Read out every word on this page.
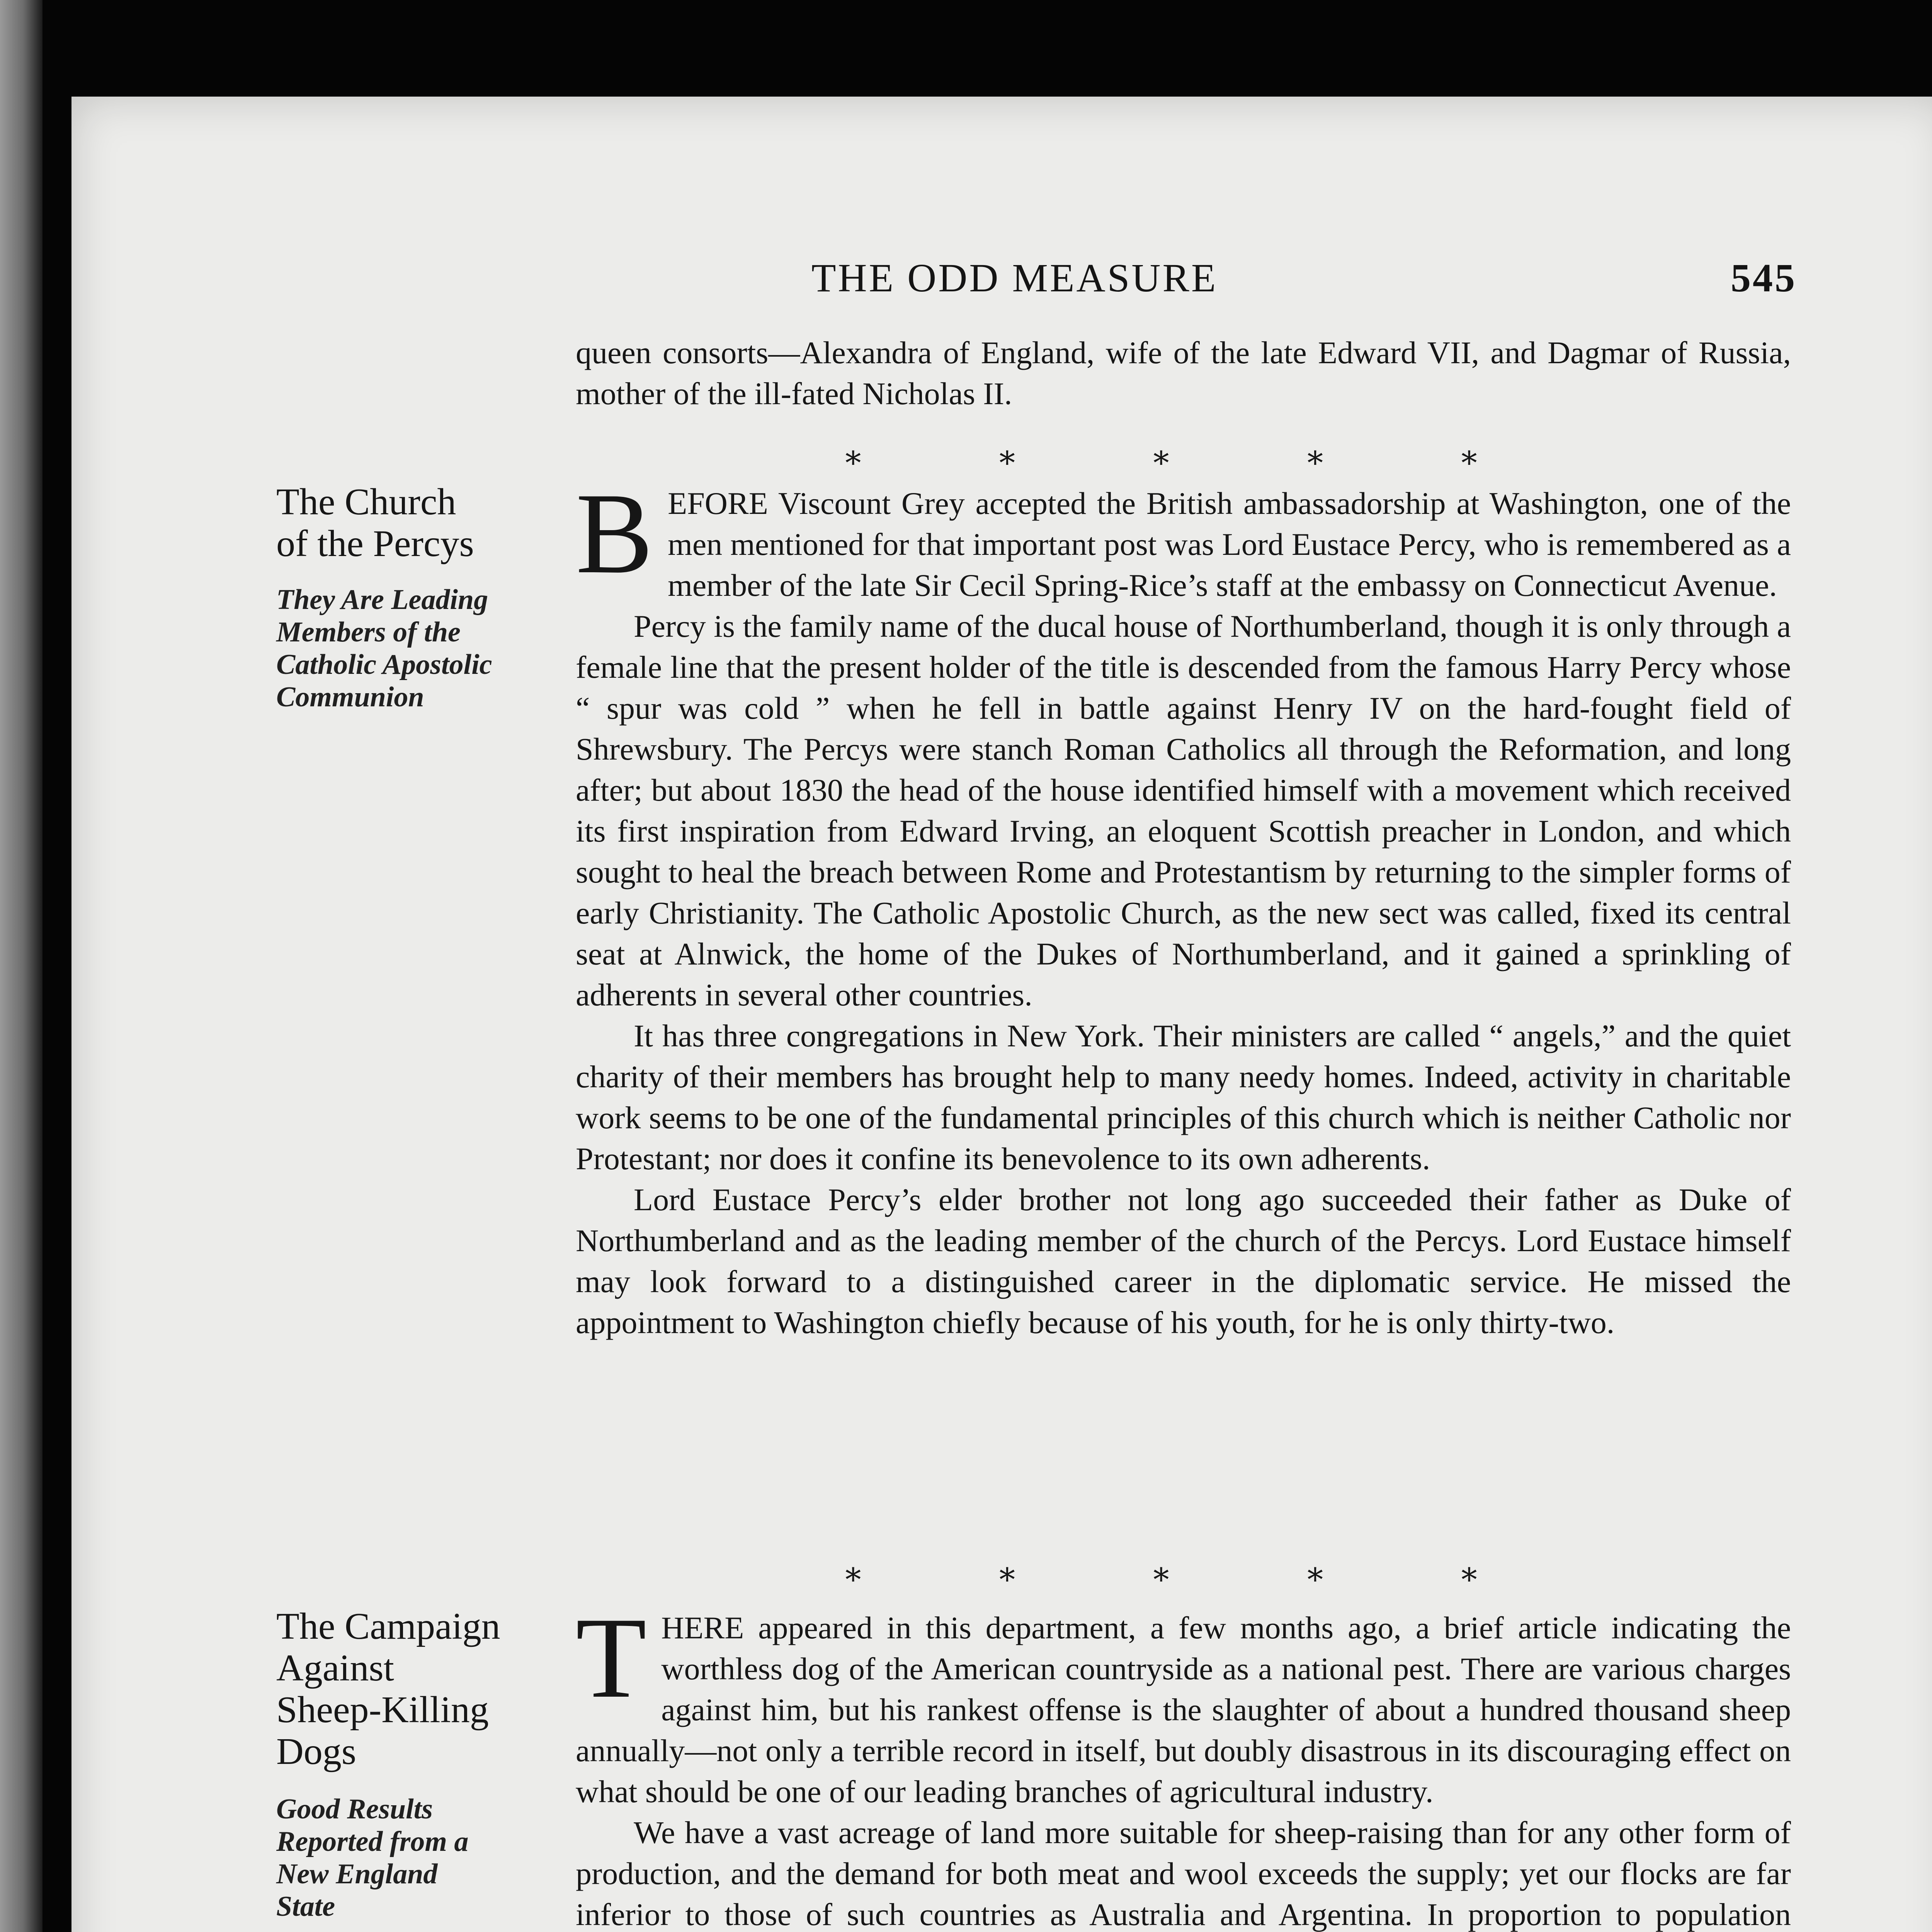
THE ODD MEASURE	545

queen consorts—Alexandra of England, wife of the late Edward VII, and Dagmar of Russia, mother of the ill-fated Nicholas II.

∗
∗
∗
∗
∗
The Church
of the Percys
They Are Leading
Members of the
Catholic Apostolic
Communion

BEFORE Viscount Grey accepted the British ambassadorship at Washington, one of the men mentioned for that important post was Lord Eustace Percy, who is remembered as a member of the late Sir Cecil Spring-Rice’s staff at the embassy on Connecticut Avenue.

Percy is the family name of the ducal house of Northumberland, though it is only through a female line that the present holder of the title is descended from the famous Harry Percy whose “ spur was cold ” when he fell in battle against Henry IV on the hard-fought field of Shrewsbury. The Percys were stanch Roman Catholics all through the Reformation, and long after; but about 1830 the head of the house identified himself with a movement which received its first inspiration from Edward Irving, an eloquent Scottish preacher in London, and which sought to heal the breach between Rome and Protestantism by returning to the simpler forms of early Christianity. The Catholic Apostolic Church, as the new sect was called, fixed its central seat at Alnwick, the home of the Dukes of Northumberland, and it gained a sprinkling of adherents in several other countries.

It has three congregations in New York. Their ministers are called “ angels,” and the quiet charity of their members has brought help to many needy homes. Indeed, activity in charitable work seems to be one of the fundamental principles of this church which is neither Catholic nor Protestant; nor does it confine its benevolence to its own adherents.

Lord Eustace Percy’s elder brother not long ago succeeded their father as Duke of Northumberland and as the leading member of the church of the Percys. Lord Eustace himself may look forward to a distinguished career in the diplomatic service. He missed the appointment to Washington chiefly because of his youth, for he is only thirty-two.

∗
∗
∗
∗
∗
The Campaign
Against
Sheep-Killing
Dogs
Good Results
Reported from a
New England
State

THERE appeared in this department, a few months ago, a brief article indicating the worthless dog of the American countryside as a national pest. There are various charges against him, but his rankest offense is the slaughter of about a hundred thousand sheep annually—not only a terrible record in itself, but doubly disastrous in its discouraging effect on what should be one of our leading branches of agricultural industry.

We have a vast acreage of land more suitable for sheep-raising than for any other form of production, and the demand for both meat and wool exceeds the supply; yet our flocks are far inferior to those of such countries as Australia and Argentina. In proportion to population
